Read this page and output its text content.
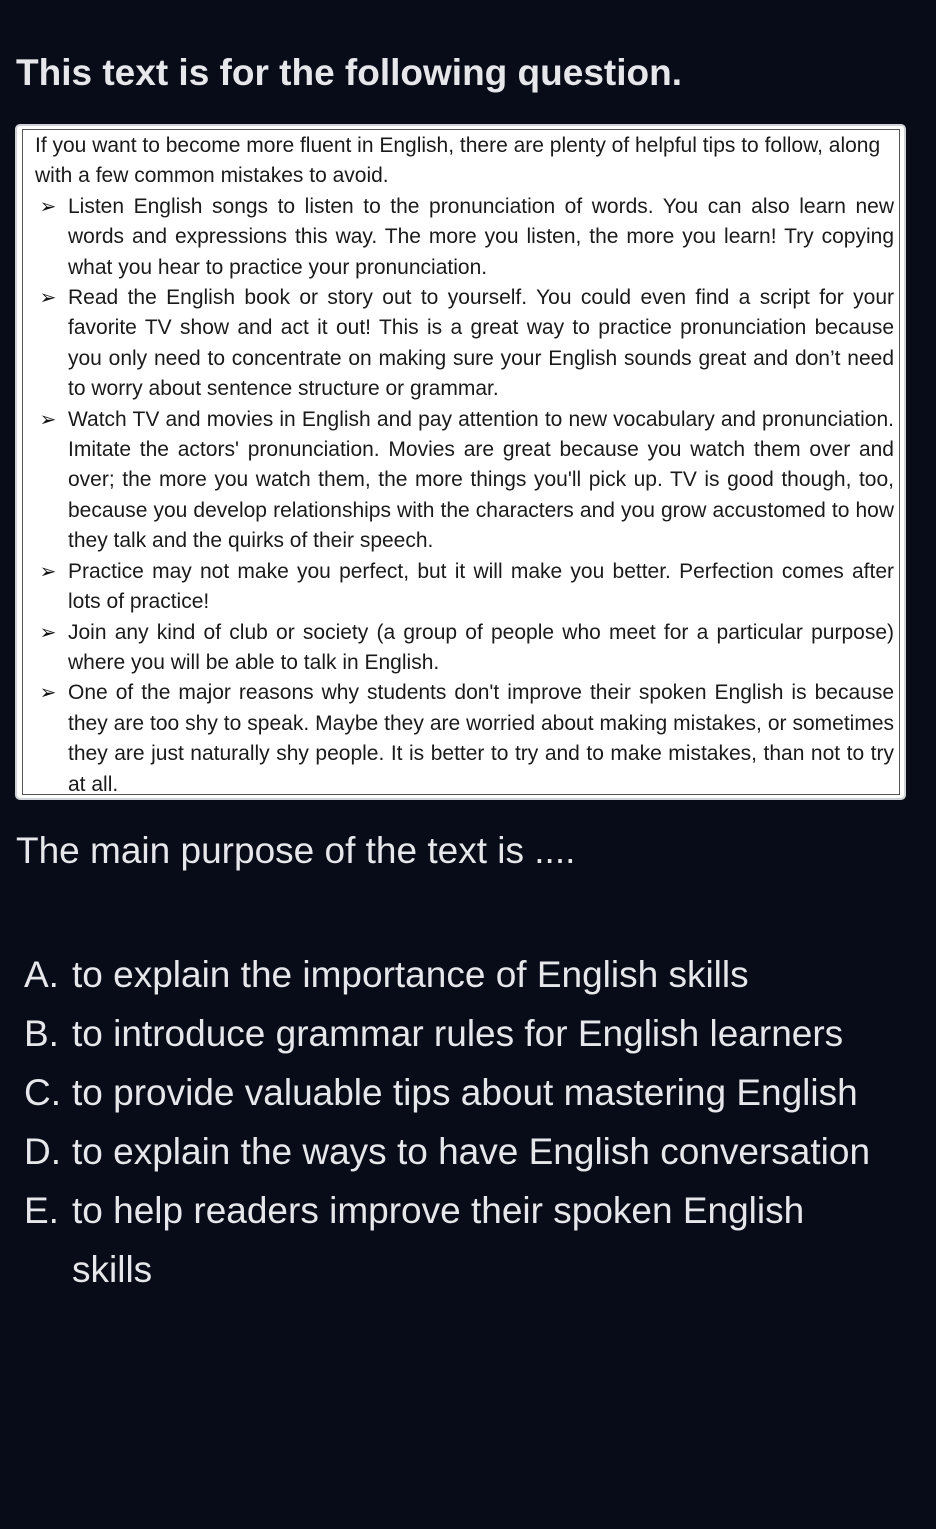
This text is for the following question.

If you want to become more fluent in English, there are plenty of helpful tips to follow, along with a few common mistakes to avoid.

➢ Listen English songs to listen to the pronunciation of words. You can also learn new words and expressions this way. The more you listen, the more you learn! Try copying what you hear to practice your pronunciation.
➢ Read the English book or story out to yourself. You could even find a script for your favorite TV show and act it out! This is a great way to practice pronunciation because you only need to concentrate on making sure your English sounds great and don’t need to worry about sentence structure or grammar.
➢ Watch TV and movies in English and pay attention to new vocabulary and pronunciation. Imitate the actors' pronunciation. Movies are great because you watch them over and over; the more you watch them, the more things you'll pick up. TV is good though, too, because you develop relationships with the characters and you grow accustomed to how they talk and the quirks of their speech.
➢ Practice may not make you perfect, but it will make you better. Perfection comes after lots of practice!
➢ Join any kind of club or society (a group of people who meet for a particular purpose) where you will be able to talk in English.
➢ One of the major reasons why students don't improve their spoken English is because they are too shy to speak. Maybe they are worried about making mistakes, or sometimes they are just naturally shy people. It is better to try and to make mistakes, than not to try at all.
The main purpose of the text is ....
A. to explain the importance of English skills
B. to introduce grammar rules for English learners
C. to provide valuable tips about mastering English
D. to explain the ways to have English conversation
E. to help readers improve their spoken English skills
